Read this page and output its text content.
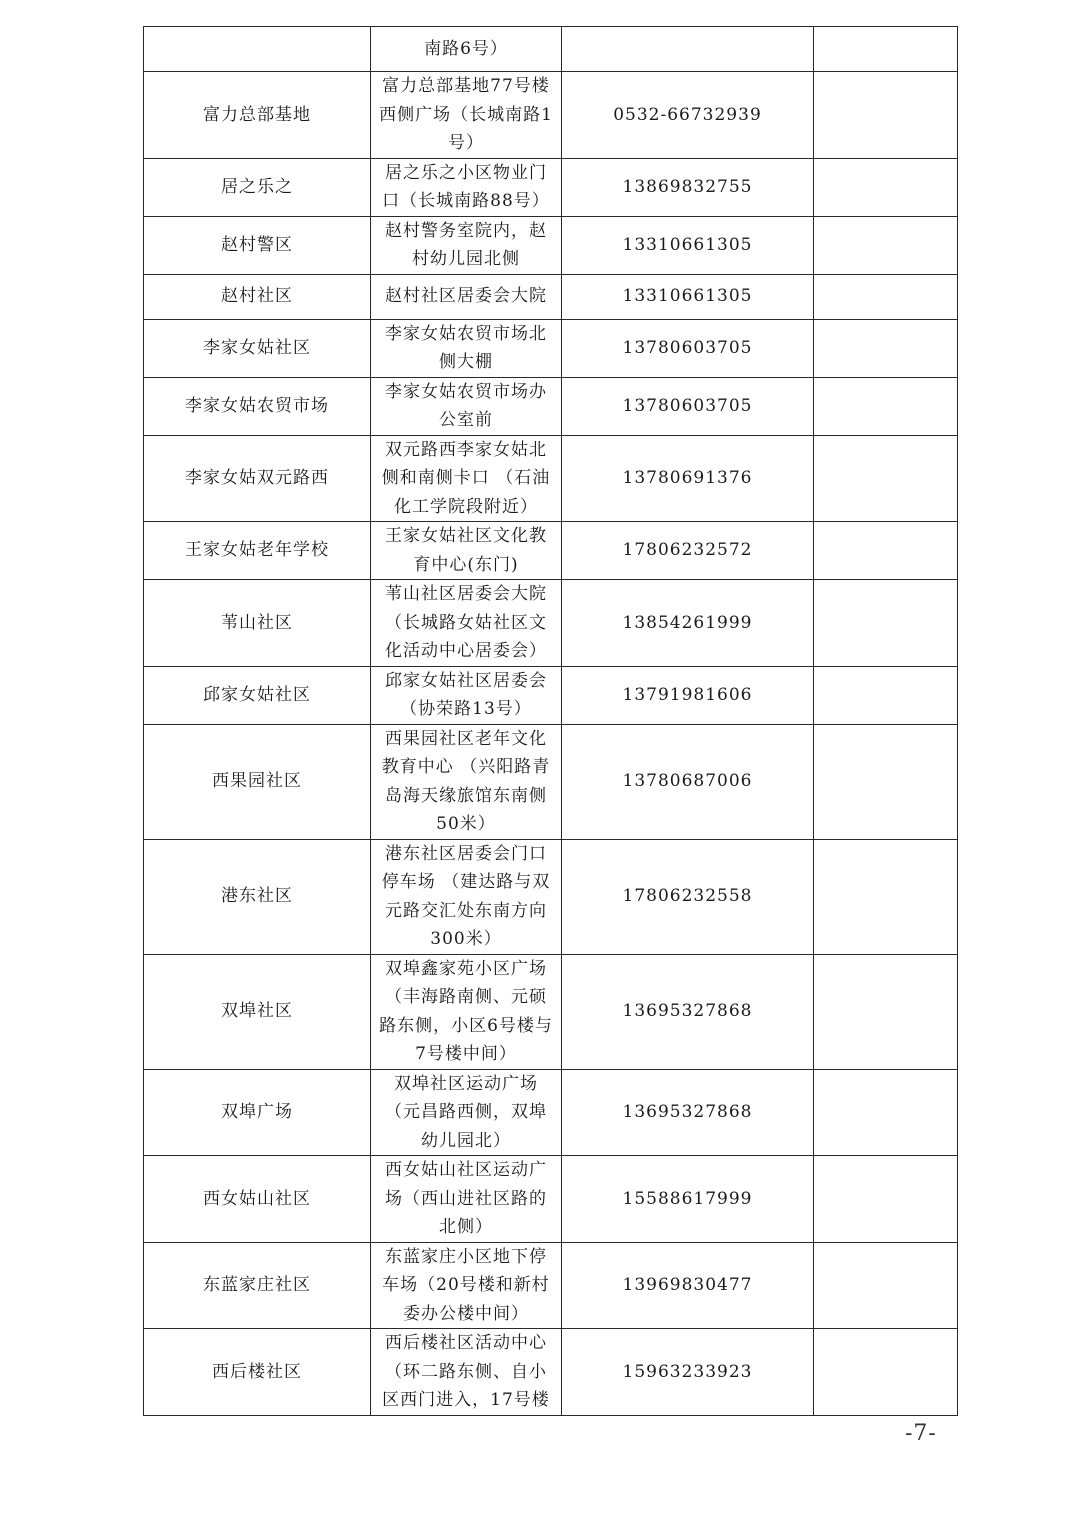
	南路6号）		
富力总部基地	富力总部基地77号楼西侧广场（长城南路1号）	0532-66732939	
居之乐之	居之乐之小区物业门口（长城南路88号）	13869832755	
赵村警区	赵村警务室院内，赵村幼儿园北侧	13310661305	
赵村社区	赵村社区居委会大院	13310661305	
李家女姑社区	李家女姑农贸市场北侧大棚	13780603705	
李家女姑农贸市场	李家女姑农贸市场办公室前	13780603705	
李家女姑双元路西	双元路西李家女姑北侧和南侧卡口 （石油化工学院段附近）	13780691376	
王家女姑老年学校	王家女姑社区文化教育中心(东门)	17806232572	
苇山社区	苇山社区居委会大院（长城路女姑社区文化活动中心居委会）	13854261999	
邱家女姑社区	邱家女姑社区居委会（协荣路13号）	13791981606	
西果园社区	西果园社区老年文化教育中心 （兴阳路青岛海天缘旅馆东南侧50米）	13780687006	
港东社区	港东社区居委会门口停车场 （建达路与双元路交汇处东南方向300米）	17806232558	
双埠社区	双埠鑫家苑小区广场（丰海路南侧、元硕路东侧，小区6号楼与7号楼中间）	13695327868	
双埠广场	双埠社区运动广场（元昌路西侧，双埠幼儿园北）	13695327868	
西女姑山社区	西女姑山社区运动广场（西山进社区路的北侧）	15588617999	
东蓝家庄社区	东蓝家庄小区地下停车场（20号楼和新村委办公楼中间）	13969830477	
西后楼社区	西后楼社区活动中心（环二路东侧、自小区西门进入，17号楼	15963233923	
-7-
